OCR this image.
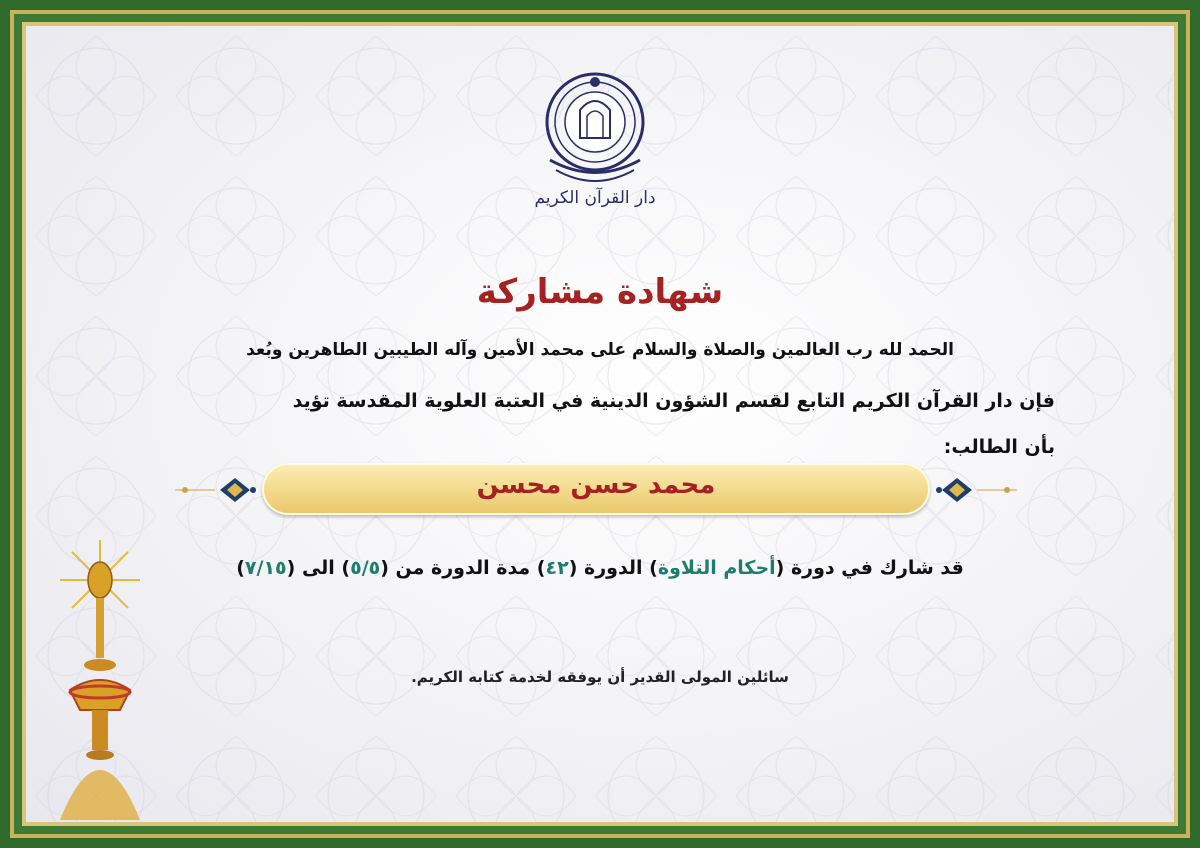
دار القرآن الكريم
شهادة مشاركة
الحمد لله رب العالمين والصلاة والسلام على محمد الأمين وآله الطيبين الطاهرين وبُعد
فإن دار القرآن الكريم التابع لقسم الشؤون الدينية في العتبة العلوية المقدسة تؤيد
بأن الطالب:
محمد حسن محسن
قد شارك في دورة (أحكام التلاوة) الدورة (٤٢) مدة الدورة من (٥/٥) الى (٧/١٥)
سائلين المولى القدير أن يوفقه لخدمة كتابه الكريم.
